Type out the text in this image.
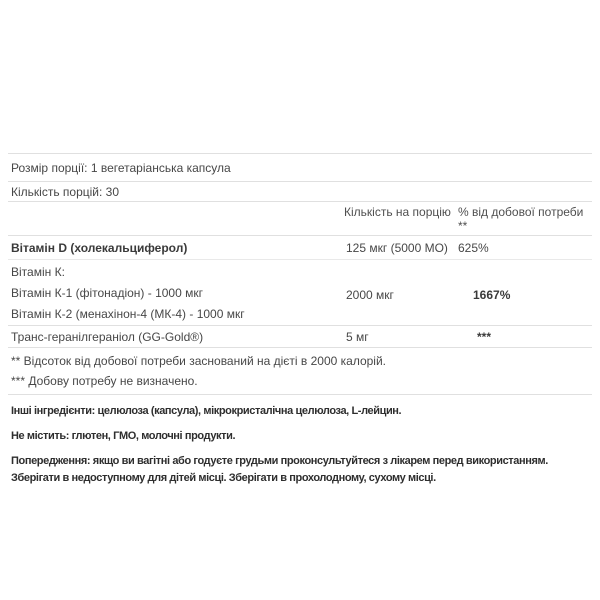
Розмір порції: 1 вегетаріанська капсула
Кількість порцій: 30
Кількість на порцію % від добової потреби **
Вітамін D (холекальциферол)	125 мкг (5000 МО) 625%
Вітамін К:
Вітамін К-1 (фітонадіон) - 1000 мкг
Вітамін К-2 (менахінон-4 (МК-4) - 1000 мкг
2000 мкг	1667%
Транс-геранілгераніол (GG-Gold®)	5 мг	***
** Відсоток від добової потреби заснований на дієті в 2000 калорій.
*** Добову потребу не визначено.

Інші інгредієнти: целюлоза (капсула), мікрокристалічна целюлоза, L-лейцин.

Не містить: глютен, ГМО, молочні продукти.

Попередження: якщо ви вагітні або годуєте грудьми проконсультуйтеся з лікарем перед використанням.   Зберігати в недоступному для дітей місці. Зберігати в прохолодному, сухому місці.
